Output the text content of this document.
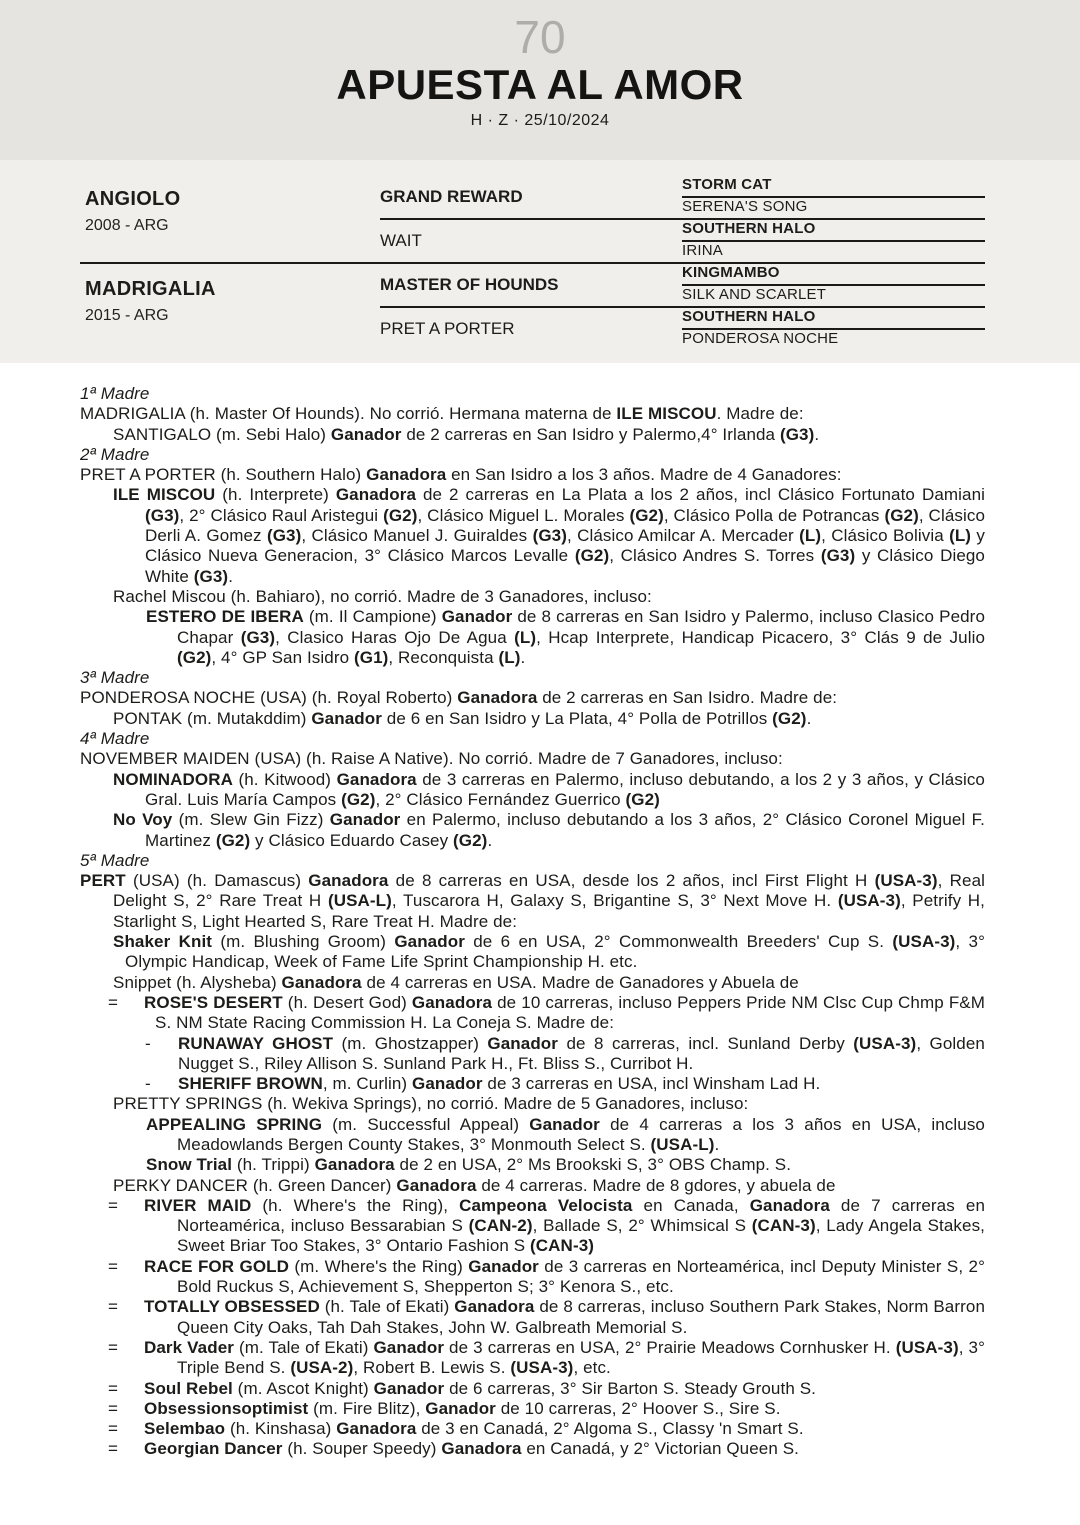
70
APUESTA AL AMOR
H · Z · 25/10/2024
ANGIOLO
2008 - ARG
MADRIGALIA
2015 - ARG
GRAND REWARD
WAIT
MASTER OF HOUNDS
PRET A PORTER
STORM CAT
SERENA'S SONG
SOUTHERN HALO
IRINA
KINGMAMBO
SILK AND SCARLET
SOUTHERN HALO
PONDEROSA NOCHE

1ª Madre

MADRIGALIA (h. Master Of Hounds). No corrió. Hermana materna de ILE MISCOU. Madre de:

SANTIGALO (m. Sebi Halo) Ganador de 2 carreras en San Isidro y Palermo,4° Irlanda (G3).

2ª Madre

PRET A PORTER (h. Southern Halo) Ganadora en San Isidro a los 3 años. Madre de 4 Ganadores:

ILE MISCOU (h. Interprete) Ganadora de 2 carreras en La Plata a los 2 años, incl Clásico Fortunato Damiani (G3), 2° Clásico Raul Aristegui (G2), Clásico Miguel L. Morales (G2), Clásico Polla de Potrancas (G2), Clásico Derli A. Gomez (G3), Clásico Manuel J. Guiraldes (G3), Clásico Amilcar A. Mercader (L), Clásico Bolivia (L) y Clásico Nueva Generacion, 3° Clásico Marcos Levalle (G2), Clásico Andres S. Torres (G3) y Clásico Diego White (G3).

Rachel Miscou (h. Bahiaro), no corrió. Madre de 3 Ganadores, incluso:

ESTERO DE IBERA (m. Il Campione) Ganador de 8 carreras en San Isidro y Palermo, incluso Clasico Pedro Chapar (G3), Clasico Haras Ojo De Agua (L), Hcap Interprete, Handicap Picacero, 3° Clás 9 de Julio (G2), 4° GP San Isidro (G1), Reconquista (L).

3ª Madre

PONDEROSA NOCHE (USA) (h. Royal Roberto) Ganadora de 2 carreras en San Isidro. Madre de:

PONTAK (m. Mutakddim) Ganador de 6 en San Isidro y La Plata, 4° Polla de Potrillos (G2).

4ª Madre

NOVEMBER MAIDEN (USA) (h. Raise A Native). No corrió. Madre de 7 Ganadores, incluso:

NOMINADORA (h. Kitwood) Ganadora de 3 carreras en Palermo, incluso debutando, a los 2 y 3 años, y Clásico Gral. Luis María Campos (G2), 2° Clásico Fernández Guerrico (G2)

No Voy (m. Slew Gin Fizz) Ganador en Palermo, incluso debutando a los 3 años, 2° Clásico Coronel Miguel F. Martinez (G2) y Clásico Eduardo Casey (G2).

5ª Madre

PERT (USA) (h. Damascus) Ganadora de 8 carreras en USA, desde los 2 años, incl First Flight H (USA-3), Real Delight S, 2° Rare Treat H (USA-L), Tuscarora H, Galaxy S, Brigantine S, 3° Next Move H. (USA-3), Petrify H, Starlight S, Light Hearted S, Rare Treat H. Madre de:

Shaker Knit (m. Blushing Groom) Ganador de 6 en USA, 2° Commonwealth Breeders' Cup S. (USA-3), 3° Olympic Handicap, Week of Fame Life Sprint Championship H. etc.

Snippet (h. Alysheba) Ganadora de 4 carreras en USA. Madre de Ganadores y Abuela de

= ROSE'S DESERT (h. Desert God) Ganadora de 10 carreras, incluso Peppers Pride NM Clsc Cup Chmp F&M S. NM State Racing Commission H. La Coneja S. Madre de:

- RUNAWAY GHOST (m. Ghostzapper) Ganador de 8 carreras, incl. Sunland Derby (USA-3), Golden Nugget S., Riley Allison S. Sunland Park H., Ft. Bliss S., Curribot H.

- SHERIFF BROWN, m. Curlin) Ganador de 3 carreras en USA, incl Winsham Lad H.

PRETTY SPRINGS (h. Wekiva Springs), no corrió. Madre de 5 Ganadores, incluso:

APPEALING SPRING (m. Successful Appeal) Ganador de 4 carreras a los 3 años en USA, incluso Meadowlands Bergen County Stakes, 3° Monmouth Select S. (USA-L).

Snow Trial (h. Trippi) Ganadora de 2 en USA, 2° Ms Brookski S, 3° OBS Champ. S.

PERKY DANCER (h. Green Dancer) Ganadora de 4 carreras. Madre de 8 gdores, y abuela de

= RIVER MAID (h. Where's the Ring), Campeona Velocista en Canada, Ganadora de 7 carreras en Norteamérica, incluso Bessarabian S (CAN-2), Ballade S, 2° Whimsical S (CAN-3), Lady Angela Stakes, Sweet Briar Too Stakes, 3° Ontario Fashion S (CAN-3)

= RACE FOR GOLD (m. Where's the Ring) Ganador de 3 carreras en Norteamérica, incl Deputy Minister S, 2° Bold Ruckus S, Achievement S, Shepperton S; 3° Kenora S., etc.

= TOTALLY OBSESSED (h. Tale of Ekati) Ganadora de 8 carreras, incluso Southern Park Stakes, Norm Barron Queen City Oaks, Tah Dah Stakes, John W. Galbreath Memorial S.

= Dark Vader (m. Tale of Ekati) Ganador de 3 carreras en USA, 2° Prairie Meadows Cornhusker H. (USA-3), 3° Triple Bend S. (USA-2), Robert B. Lewis S. (USA-3), etc.

= Soul Rebel (m. Ascot Knight) Ganador de 6 carreras, 3° Sir Barton S. Steady Grouth S.

= Obsessionsoptimist (m. Fire Blitz), Ganador de 10 carreras, 2° Hoover S., Sire S.

= Selembao (h. Kinshasa) Ganadora de 3 en Canadá, 2° Algoma S., Classy 'n Smart S.

= Georgian Dancer (h. Souper Speedy) Ganadora en Canadá, y 2° Victorian Queen S.
